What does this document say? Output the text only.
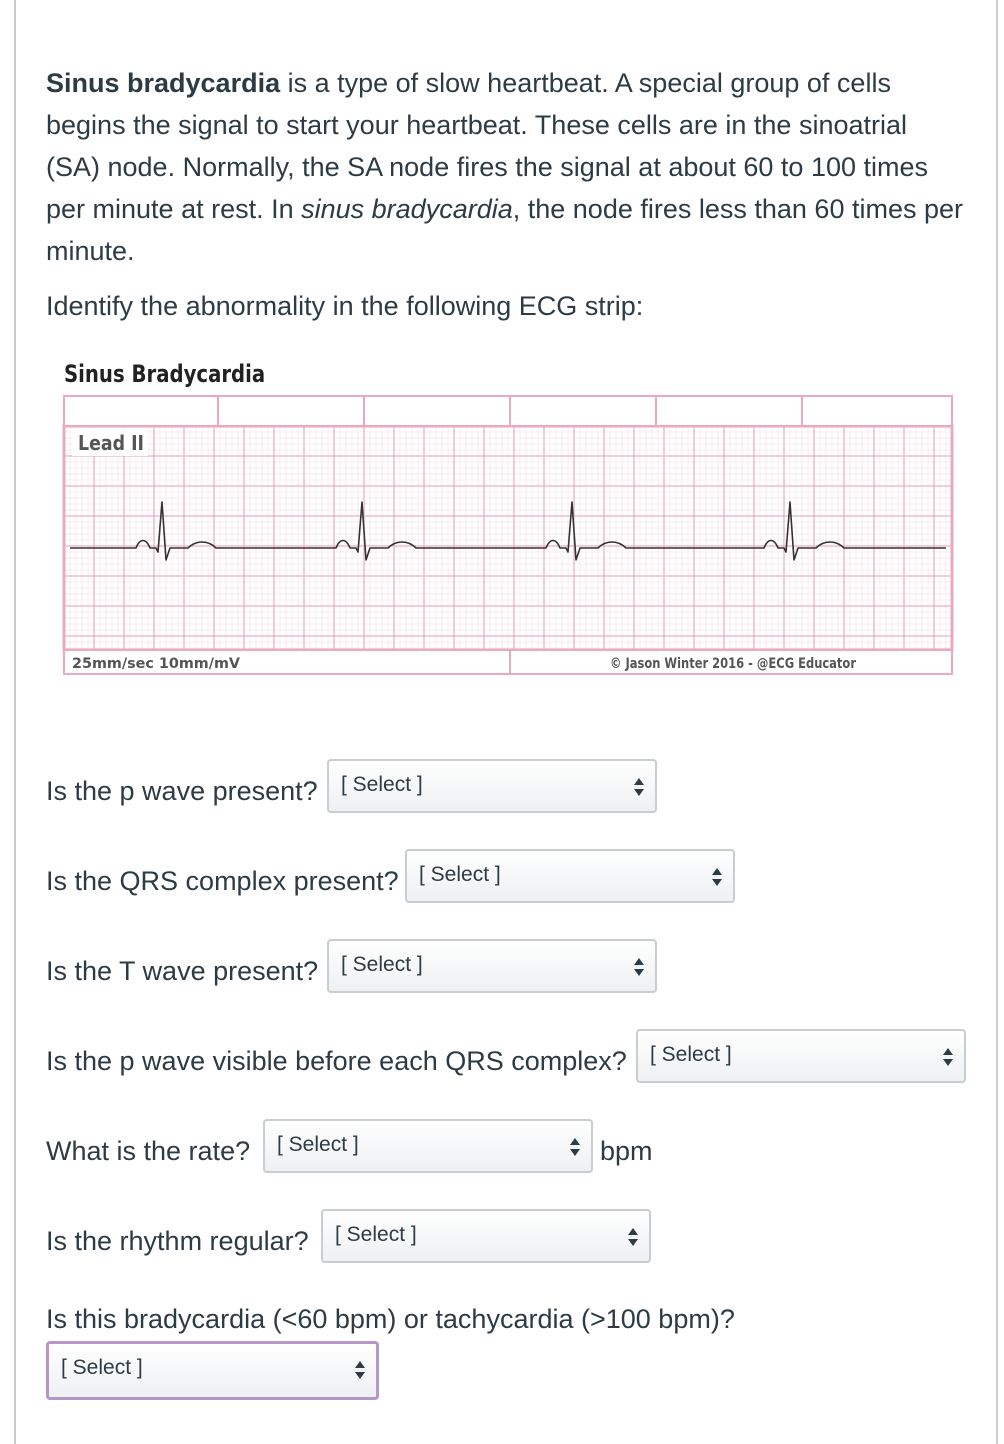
Sinus bradycardia is a type of slow heartbeat. A special group of cells begins the signal to start your heartbeat. These cells are in the sinoatrial (SA) node. Normally, the SA node fires the signal at about 60 to 100 times per minute at rest. In sinus bradycardia, the node fires less than 60 times per minute.

Identify the abnormality in the following ECG strip:

Sinus Bradycardia
Lead II
25mm/sec 10mm/mV	© Jason Winter 2016 - @ECG Educator
Is the p wave present?	[ Select ]
Is the QRS complex present? [ Select ]
Is the T wave present?	[ Select ]
Is the p wave visible before each QRS complex?	[ Select ]
What is the rate?	[ Select ]	bpm
Is the rhythm regular?	[ Select ]
Is this bradycardia (<60 bpm) or tachycardia (>100 bpm)?
[ Select ]
